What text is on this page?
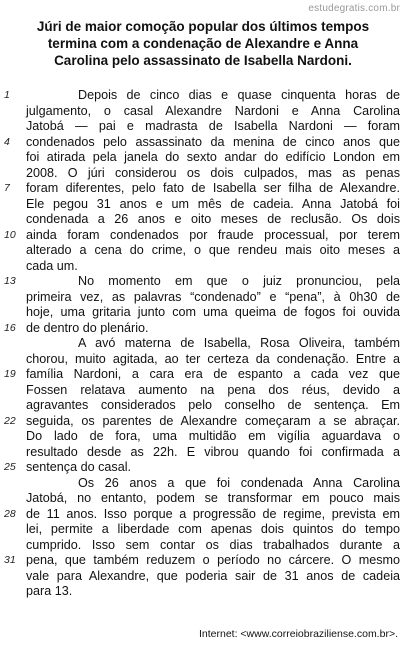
estudegratis.com.br
Júri de maior comoção popular dos últimos tempos
termina com a condenação de Alexandre e Anna
Carolina pelo assassinato de Isabella Nardoni.
1	Depois de cinco dias e quase cinquenta horas de
julgamento, o casal Alexandre Nardoni e Anna Carolina
Jatobá — pai e madrasta de Isabella Nardoni — foram
4	condenados pelo assassinato da menina de cinco anos que
foi atirada pela janela do sexto andar do edifício London em
2008. O júri considerou os dois culpados, mas as penas
7	foram diferentes, pelo fato de Isabella ser filha de Alexandre.
Ele pegou 31 anos e um mês de cadeia. Anna Jatobá foi
condenada a 26 anos e oito meses de reclusão. Os dois
10 ainda foram condenados por fraude processual, por terem
alterado a cena do crime, o que rendeu mais oito meses a
cada um.
13	No momento em que o juiz pronunciou, pela
primeira vez, as palavras “condenado” e “pena”, à 0h30 de
hoje, uma gritaria junto com uma queima de fogos foi ouvida
16 de dentro do plenário.
A avó materna de Isabella, Rosa Oliveira, também
chorou, muito agitada, ao ter certeza da condenação. Entre a
19 família Nardoni, a cara era de espanto a cada vez que
Fossen relatava aumento na pena dos réus, devido a
agravantes considerados pelo conselho de sentença. Em
22 seguida, os parentes de Alexandre começaram a se abraçar.
Do lado de fora, uma multidão em vigília aguardava o
resultado desde as 22h. E vibrou quando foi confirmada a
25 sentença do casal.
Os 26 anos a que foi condenada Anna Carolina
Jatobá, no entanto, podem se transformar em pouco mais
28 de 11 anos. Isso porque a progressão de regime, prevista em
lei, permite a liberdade com apenas dois quintos do tempo
cumprido. Isso sem contar os dias trabalhados durante a
31 pena, que também reduzem o período no cárcere. O mesmo
vale para Alexandre, que poderia sair de 31 anos de cadeia
para 13.
Internet: <www.correiobraziliense.com.br>.
